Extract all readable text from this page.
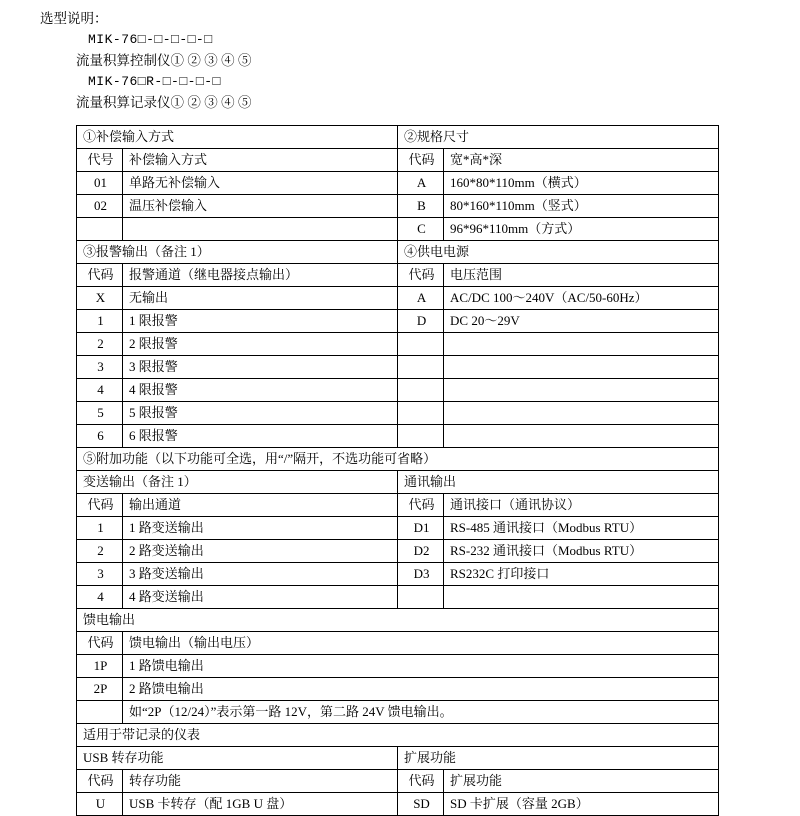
选型说明：
MIK-76□-□-□-□-□
流量积算控制仪① ② ③ ④ ⑤
MIK-76□R-□-□-□-□
流量积算记录仪① ② ③ ④ ⑤
①补偿输入方式		②规格尺寸	
代号	补偿输入方式	代码	宽*高*深
01	单路无补偿输入	A	160*80*110mm（横式）
02	温压补偿输入	B	80*160*110mm（竖式）
		C	96*96*110mm（方式）
③报警输出（备注 1）		④供电电源	
代码	报警通道（继电器接点输出）	代码	电压范围
X	无输出	A	AC/DC 100～240V（AC/50-60Hz）
1	1 限报警	D	DC 20～29V
2	2 限报警		
3	3 限报警		
4	4 限报警		
5	5 限报警		
6	6 限报警		
⑤附加功能（以下功能可全选，用“/”隔开，不选功能可省略）			
变送输出（备注 1）		通讯输出	
代码	输出通道	代码	通讯接口（通讯协议）
1	1 路变送输出	D1	RS-485 通讯接口（Modbus RTU）
2	2 路变送输出	D2	RS-232 通讯接口（Modbus RTU）
3	3 路变送输出	D3	RS232C 打印接口
4	4 路变送输出		
馈电输出			
代码	馈电输出（输出电压）		
1P	1 路馈电输出		
2P	2 路馈电输出		
	如“2P（12/24）”表示第一路 12V，第二路 24V 馈电输出。		
适用于带记录的仪表			
USB 转存功能		扩展功能	
代码	转存功能	代码	扩展功能
U	USB 卡转存（配 1GB U 盘）	SD	SD 卡扩展（容量 2GB）
